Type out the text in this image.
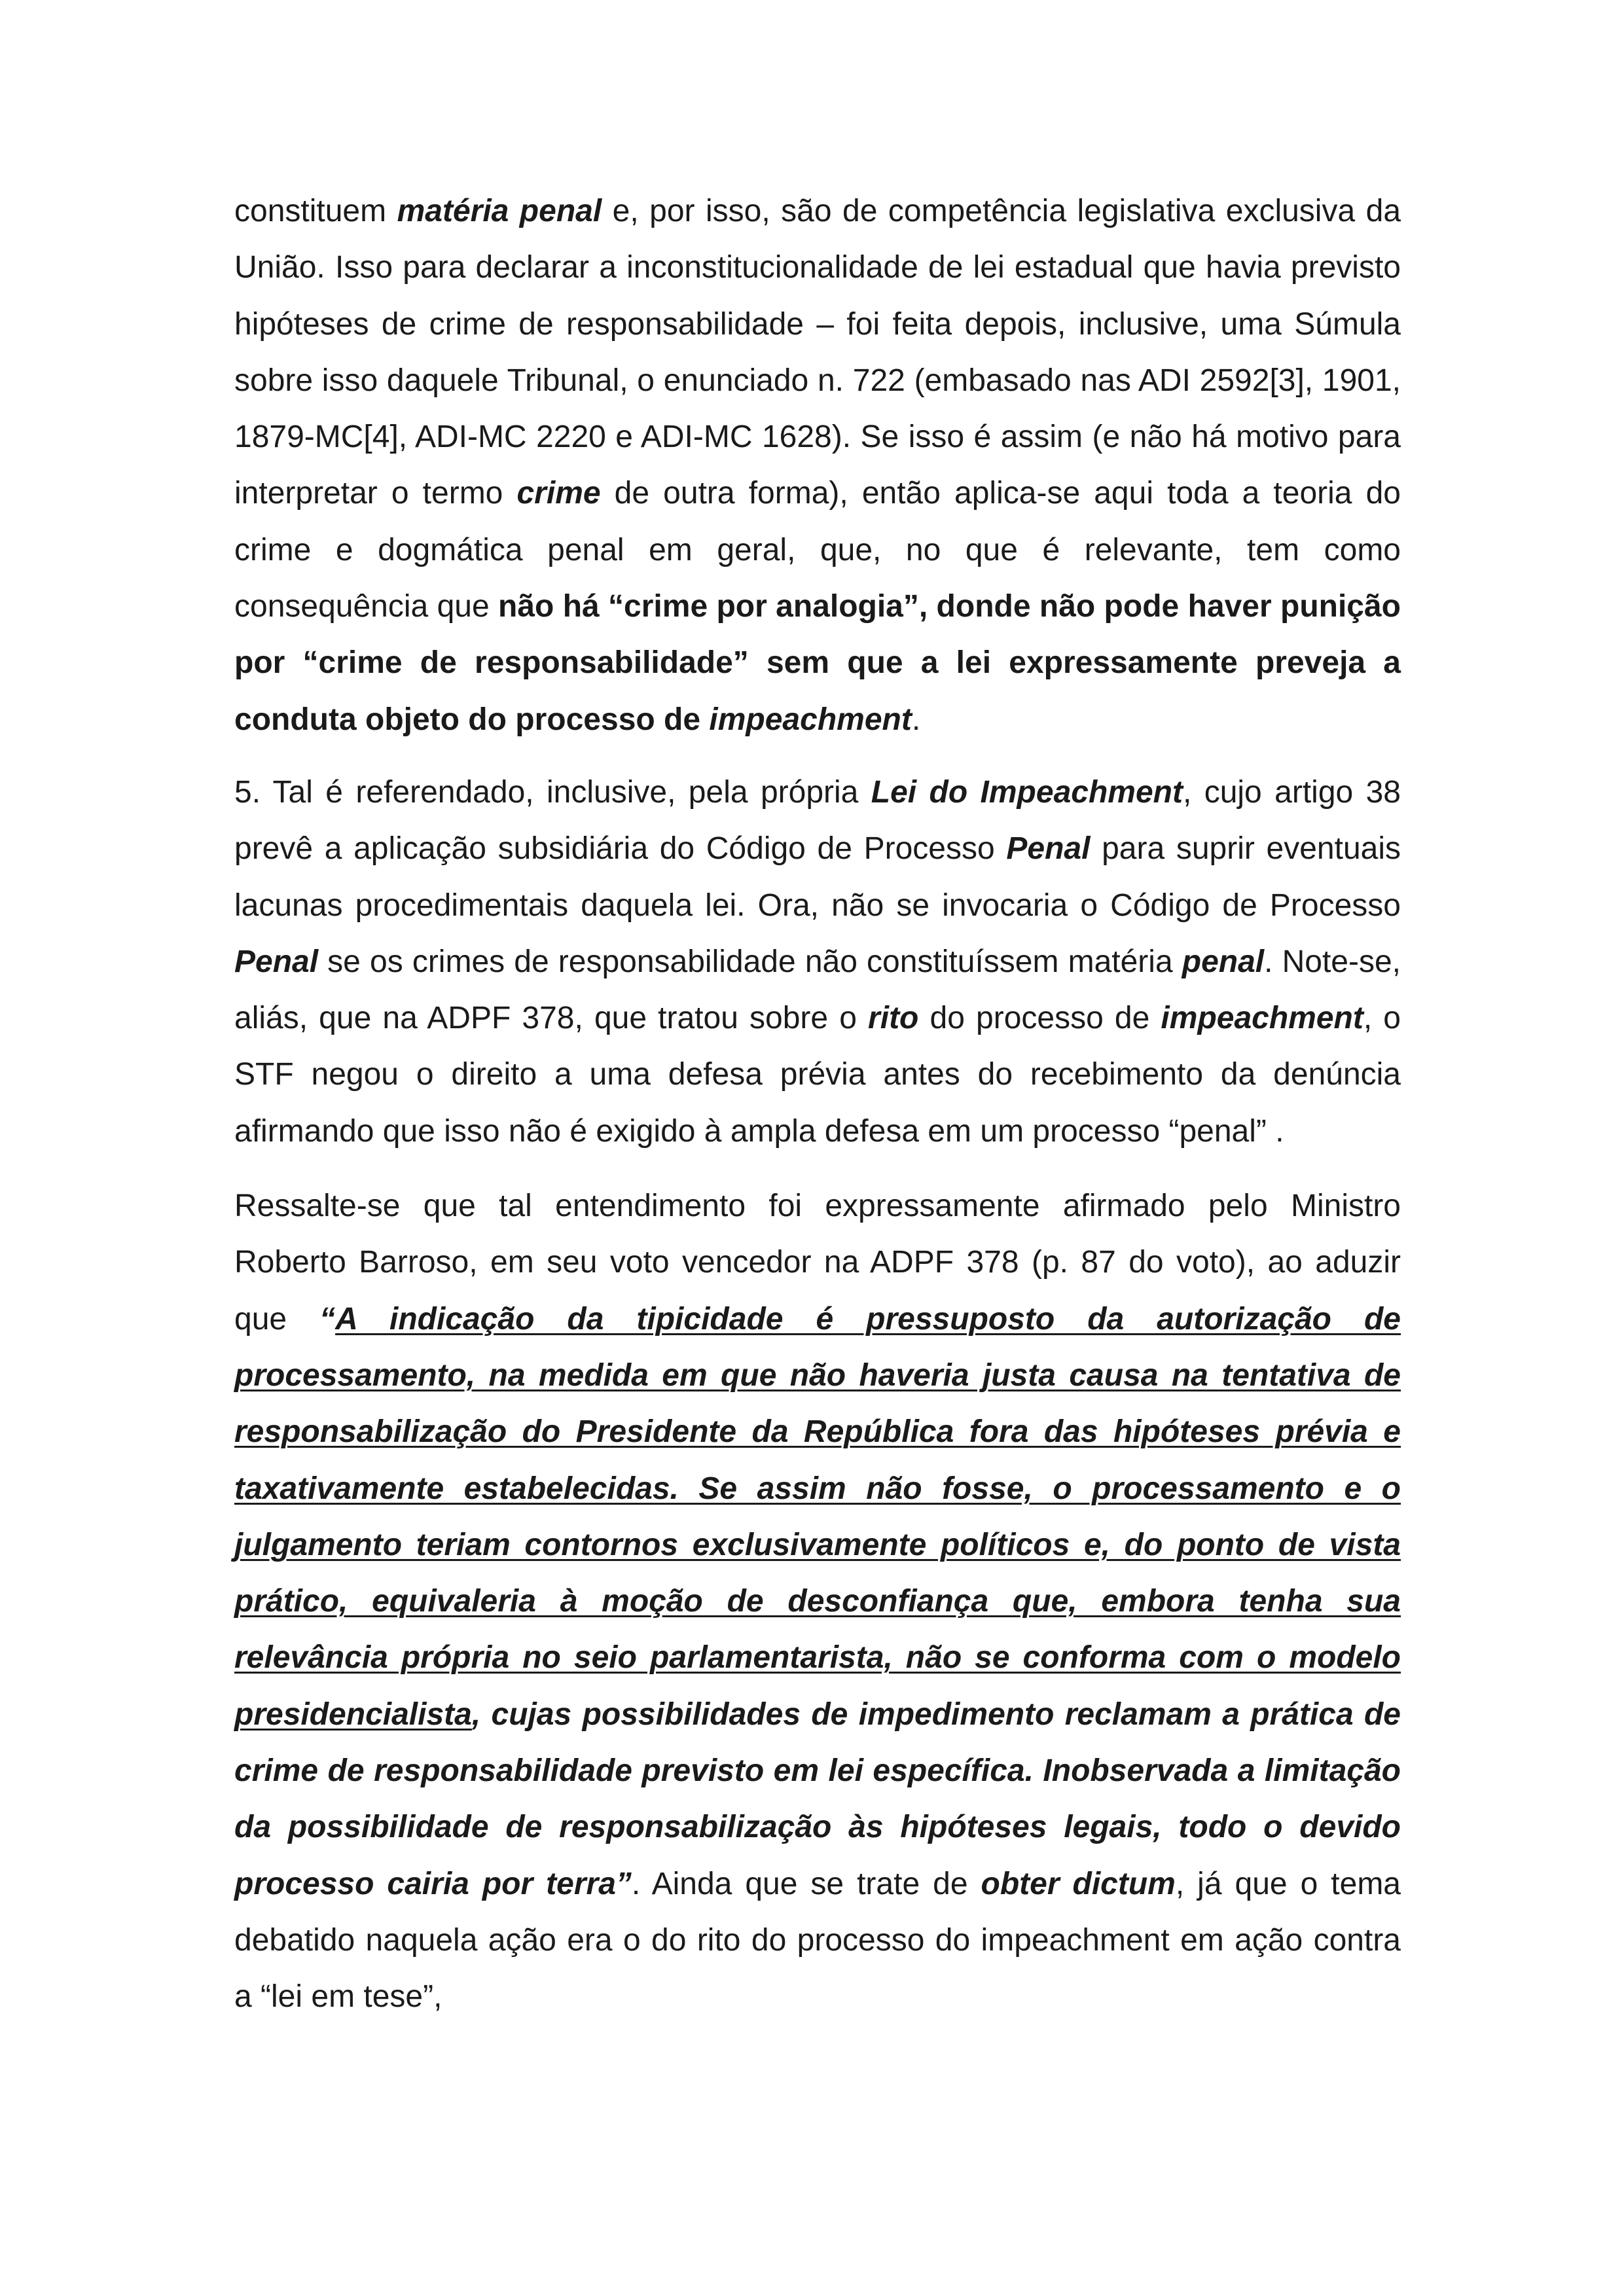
constituem matéria penal e, por isso, são de competência legislativa exclusiva da União. Isso para declarar a inconstitucionalidade de lei estadual que havia previsto hipóteses de crime de responsabilidade – foi feita depois, inclusive, uma Súmula sobre isso daquele Tribunal, o enunciado n. 722 (embasado nas ADI 2592[3], 1901, 1879-MC[4], ADI-MC 2220 e ADI-MC 1628). Se isso é assim (e não há motivo para interpretar o termo crime de outra forma), então aplica-se aqui toda a teoria do crime e dogmática penal em geral, que, no que é relevante, tem como consequência que não há “crime por analogia”, donde não pode haver punição por “crime de responsabilidade” sem que a lei expressamente preveja a conduta objeto do processo de impeachment.

5. Tal é referendado, inclusive, pela própria Lei do Impeachment, cujo artigo 38 prevê a aplicação subsidiária do Código de Processo Penal para suprir eventuais lacunas procedimentais daquela lei. Ora, não se invocaria o Código de Processo Penal se os crimes de responsabilidade não constituíssem matéria penal. Note-se, aliás, que na ADPF 378, que tratou sobre o rito do processo de impeachment, o STF negou o direito a uma defesa prévia antes do recebimento da denúncia afirmando que isso não é exigido à ampla defesa em um processo “penal” .

Ressalte-se que tal entendimento foi expressamente afirmado pelo Ministro Roberto Barroso, em seu voto vencedor na ADPF 378 (p. 87 do voto), ao aduzir que “A indicação da tipicidade é pressuposto da autorização de processamento, na medida em que não haveria justa causa na tentativa de responsabilização do Presidente da República fora das hipóteses prévia e taxativamente estabelecidas. Se assim não fosse, o processamento e o julgamento teriam contornos exclusivamente políticos e, do ponto de vista prático, equivaleria à moção de desconfiança que, embora tenha sua relevância própria no seio parlamentarista, não se conforma com o modelo presidencialista, cujas possibilidades de impedimento reclamam a prática de crime de responsabilidade previsto em lei específica. Inobservada a limitação da possibilidade de responsabilização às hipóteses legais, todo o devido processo cairia por terra”. Ainda que se trate de obter dictum, já que o tema debatido naquela ação era o do rito do processo do impeachment em ação contra a “lei em tese”,
